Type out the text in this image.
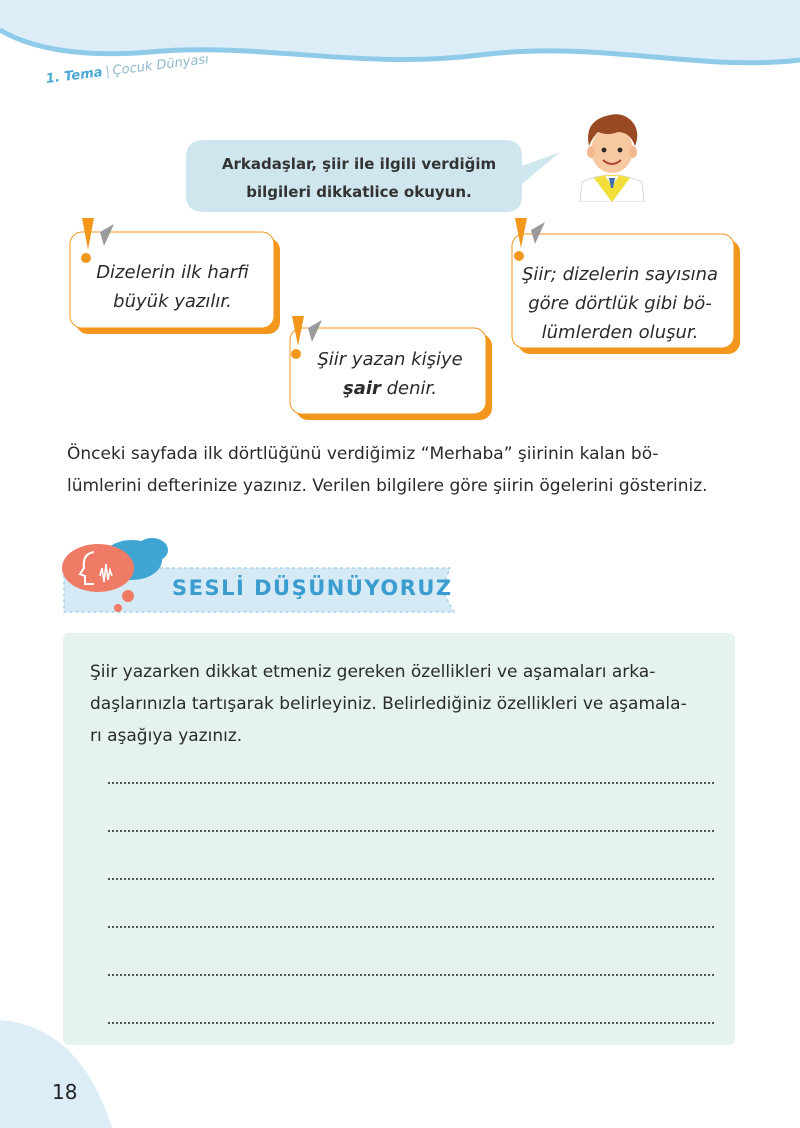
1. Tema|Çocuk Dünyası
Arkadaşlar, şiir ile ilgili verdiğim
bilgileri dikkatlice okuyun.
Dizelerin ilk harfi
büyük yazılır.
Şiir yazan kişiye
şair denir.
Şiir; dizelerin sayısına
göre dörtlük gibi bö-
lümlerden oluşur.
Önceki sayfada ilk dörtlüğünü verdiğimiz “Merhaba” şiirinin kalan bö-
lümlerini defterinize yazınız. Verilen bilgilere göre şiirin ögelerini gösteriniz.
SESLİ DÜŞÜNÜYORUZ
Şiir yazarken dikkat etmeniz gereken özellikleri ve aşamaları arka-
daşlarınızla tartışarak belirleyiniz. Belirlediğiniz özellikleri ve aşamala-
rı aşağıya yazınız.
18
